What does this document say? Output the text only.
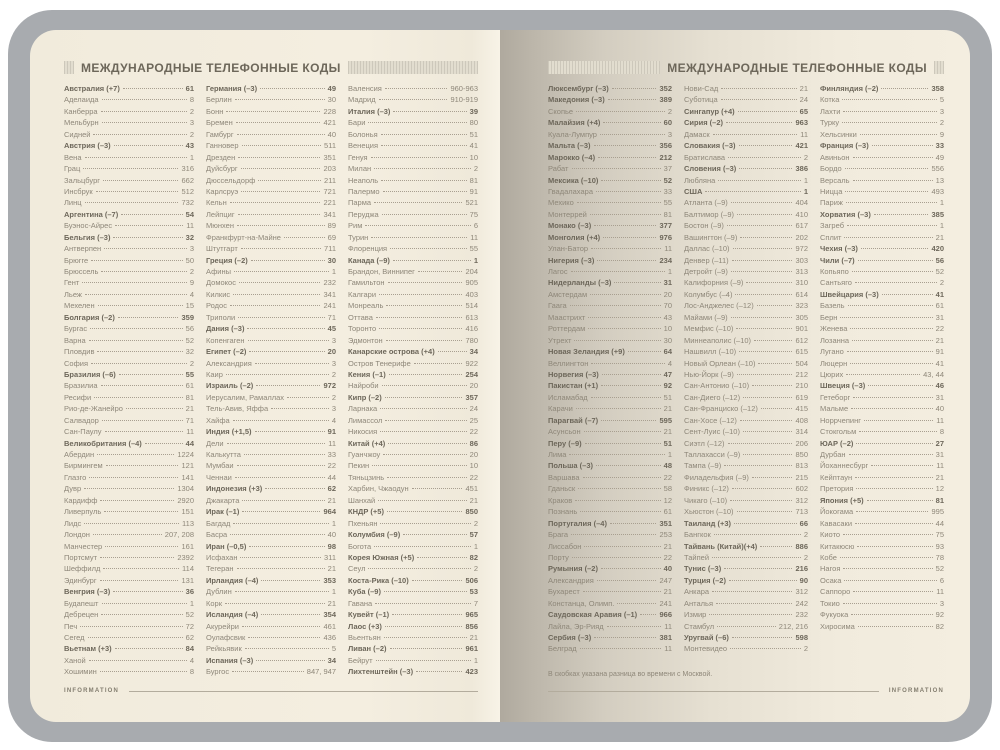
МЕЖДУНАРОДНЫЕ ТЕЛЕФОННЫЕ КОДЫ
Австралия (+7)	61
Аделаида	8
Канберра	2
Мельбурн	3
Сидней	2
Австрия (–3)	43
Вена	1
Грац	316
Зальцбург	662
Инсбрук	512
Линц	732
Аргентина (–7)	54
Буэнос-Айрес	11
Бельгия (–3)	32
Антверпен	3
Брюгге	50
Брюссель	2
Гент	9
Льеж	4
Мехелен	15
Болгария (–2)	359
Бургас	56
Варна	52
Пловдив	32
София	2
Бразилия (–6)	55
Бразилиа	61
Ресифи	81
Рио-де-Жанейро	21
Салвадор	71
Сан-Паулу	11
Великобритания (–4)	44
Абердин	1224
Бирмингем	121
Глазго	141
Дувр	1304
Кардифф	2920
Ливерпуль	151
Лидс	113
Лондон	207, 208
Манчестер	161
Портсмут	2392
Шеффилд	114
Эдинбург	131
Венгрия (–3)	36
Будапешт	1
Дебрецен	52
Печ	72
Сегед	62
Вьетнам (+3)	84
Ханой	4
Хошимин	8
Германия (–3)	49
Берлин	30
Бонн	228
Бремен	421
Гамбург	40
Ганновер	511
Дрезден	351
Дуйсбург	203
Дюссельдорф	211
Карлсруэ	721
Кельн	221
Лейпциг	341
Мюнхен	89
Франкфурт-на-Майне	69
Штутгарт	711
Греция (–2)	30
Афины	1
Домокос	232
Килкис	341
Родос	241
Триполи	71
Дания (–3)	45
Копенгаген	3
Египет (–2)	20
Александрия	3
Каир	2
Израиль (–2)	972
Иерусалим, Рамаллах	2
Тель-Авив, Яффа	3
Хайфа	4
Индия (+1,5)	91
Дели	11
Калькутта	33
Мумбаи	22
Ченнаи	44
Индонезия (+3)	62
Джакарта	21
Ирак (–1)	964
Багдад	1
Басра	40
Иран (–0,5)	98
Исфахан	311
Тегеран	21
Ирландия (–4)	353
Дублин	1
Корк	21
Исландия (–4)	354
Акурейри	461
Оулафсвик	436
Рейкьявик	5
Испания (–3)	34
Бургос	847, 947
Валенсия	960-963
Мадрид	910-919
Италия (–3)	39
Бари	80
Болонья	51
Венеция	41
Генуя	10
Милан	2
Неаполь	81
Палермо	91
Парма	521
Перуджа	75
Рим	6
Турин	11
Флоренция	55
Канада (–9)	1
Брандон, Виннипег	204
Гамильтон	905
Калгари	403
Монреаль	514
Оттава	613
Торонто	416
Эдмонтон	780
Канарские острова (+4)	34
Остров Тенерифе	922
Кения (–1)	254
Найроби	20
Кипр (–2)	357
Ларнака	24
Лимассол	25
Никосия	22
Китай (+4)	86
Гуанчжоу	20
Пекин	10
Тяньцзинь	22
Харбин, Чжаодун	451
Шанхай	21
КНДР (+5)	850
Пхеньян	2
Колумбия (–9)	57
Богота	1
Корея Южная (+5)	82
Сеул	2
Коста-Рика (–10)	506
Куба (–9)	53
Гавана	7
Кувейт (–1)	965
Лаос (+3)	856
Вьентьян	21
Ливан (–2)	961
Бейрут	1
Лихтенштейн (–3)	423
INFORMATION
МЕЖДУНАРОДНЫЕ ТЕЛЕФОННЫЕ КОДЫ
Люксембург (–3)	352
Македония (–3)	389
Скопье	2
Малайзия (+4)	60
Куала-Лумпур	3
Мальта (–3)	356
Марокко (–4)	212
Рабат	37
Мексика (–10)	52
Гвадалахара	33
Мехико	55
Монтеррей	81
Монако (–3)	377
Монголия (+4)	976
Улан-Батор	11
Нигерия (–3)	234
Лагос	1
Нидерланды (–3)	31
Амстердам	20
Гаага	70
Маастрихт	43
Роттердам	10
Утрехт	30
Новая Зеландия (+9)	64
Веллингтон	4
Норвегия (–3)	47
Пакистан (+1)	92
Исламабад	51
Карачи	21
Парагвай (–7)	595
Асунсьон	21
Перу (–9)	51
Лима	1
Польша (–3)	48
Варшава	22
Гданьск	58
Краков	12
Познань	61
Португалия (–4)	351
Брага	253
Лиссабон	21
Порту	22
Румыния (–2)	40
Александрия	247
Бухарест	21
Констанца, Олимп.	241
Саудовская Аравия (–1)	966
Лайла, Эр-Рияд	11
Сербия (–3)	381
Белград	11
Нови-Сад	21
Суботица	24
Сингапур (+4)	65
Сирия (–2)	963
Дамаск	11
Словакия (–3)	421
Братислава	2
Словения (–3)	386
Любляна	1
США	1
Атланта (–9)	404
Балтимор (–9)	410
Бостон (–9)	617
Вашингтон (–9)	202
Даллас (–10)	972
Денвер (–11)	303
Детройт (–9)	313
Калифорния (–9)	310
Колумбус (–4)	614
Лос-Анджелес (–12)	323
Майами (–9)	305
Мемфис (–10)	901
Миннеаполис (–10)	612
Нашвилл (–10)	615
Новый Орлеан (–10)	504
Нью-Йорк (–9)	212
Сан-Антонио (–10)	210
Сан-Диего (–12)	619
Сан-Франциско (–12)	415
Сан-Хосе (–12)	408
Сент-Луис (–10)	314
Сиэтл (–12)	206
Таллахасси (–9)	850
Тампа (–9)	813
Филадельфия (–9)	215
Финикс (–12)	602
Чикаго (–10)	312
Хьюстон (–10)	713
Таиланд (+3)	66
Бангкок	2
Тайвань (Китай)(+4)	886
Тайпей	2
Тунис (–3)	216
Турция (–2)	90
Анкара	312
Анталья	242
Измир	232
Стамбул	212, 216
Уругвай (–6)	598
Монтевидео	2
Финляндия (–2)	358
Котка	5
Лахти	3
Турку	2
Хельсинки	9
Франция (–3)	33
Авиньон	49
Бордо	556
Версаль	13
Ницца	493
Париж	1
Хорватия (–3)	385
Загреб	1
Сплит	21
Чехия (–3)	420
Чили (–7)	56
Копьяпо	52
Сантьяго	2
Швейцария (–3)	41
Базель	61
Берн	31
Женева	22
Лозанна	21
Лугано	91
Люцерн	41
Цюрих	43, 44
Швеция (–3)	46
Гетеборг	31
Мальме	40
Норрчепинг	11
Стокгольм	8
ЮАР (–2)	27
Дурбан	31
Йоханнесбург	11
Кейптаун	21
Претория	12
Япония (+5)	81
Йокогама	995
Кавасаки	44
Киото	75
Китакюсю	93
Кобе	78
Нагоя	52
Осака	6
Саппоро	11
Токио	3
Фукуока	92
Хиросима	82
В скобках указана разница во времени с Москвой.
INFORMATION
